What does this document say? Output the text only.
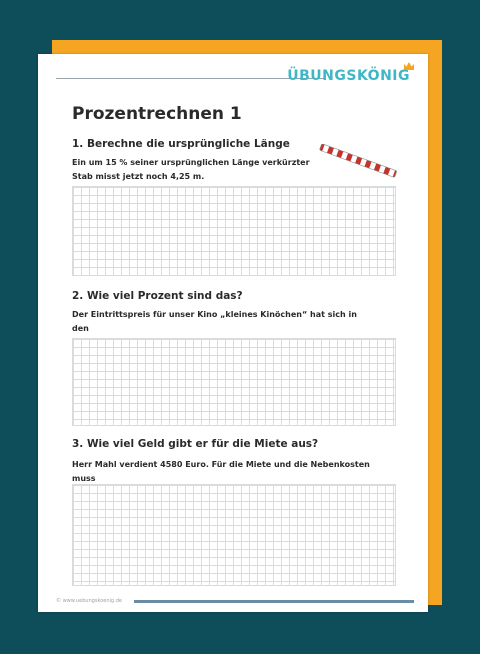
ÜBUNGSKÖNIG
Prozentrechnen 1
1. Berechne die ursprüngliche Länge
Ein um 15 % seiner ursprünglichen Länge verkürzter
Stab misst jetzt noch 4,25 m.
2. Wie viel Prozent sind das?
Der Eintrittspreis für unser Kino „kleines Kinöchen“ hat sich in den
3. Wie viel Geld gibt er für die Miete aus?
Herr Mahl verdient 4580 Euro. Für die Miete und die Nebenkosten muss
© www.uebungskoenig.de
